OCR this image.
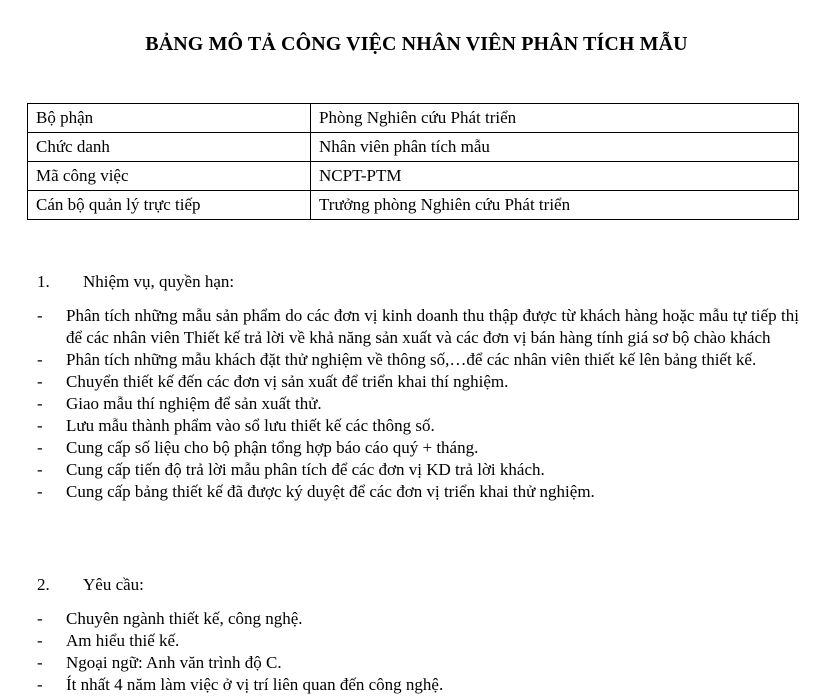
BẢNG MÔ TẢ CÔNG VIỆC NHÂN VIÊN PHÂN TÍCH MẪU
Bộ phận	Phòng Nghiên cứu Phát triển
Chức danh	Nhân viên phân tích mẫu
Mã công việc	NCPT-PTM
Cán bộ quản lý trực tiếp	Trưởng phòng Nghiên cứu Phát triển
1. Nhiệm vụ, quyền hạn:
- Phân tích những mẫu sản phẩm do các đơn vị kinh doanh thu thập được từ khách hàng hoặc mẫu tự tiếp thị để các nhân viên Thiết kế trả lời về khả năng sản xuất và các đơn vị bán hàng tính giá sơ bộ chào khách
- Phân tích những mẫu khách đặt thử nghiệm về thông số,…để các nhân viên thiết kế lên bảng thiết kế.
- Chuyển thiết kế đến các đơn vị sản xuất để triển khai thí nghiệm.
- Giao mẫu thí nghiệm để sản xuất thử.
- Lưu mẫu thành phẩm vào sổ lưu thiết kế các thông số.
- Cung cấp số liệu cho bộ phận tổng hợp báo cáo quý + tháng.
- Cung cấp tiến độ trả lời mẫu phân tích để các đơn vị KD trả lời khách.
- Cung cấp bảng thiết kế đã được ký duyệt để các đơn vị triển khai thử nghiệm.
2. Yêu cầu:
- Chuyên ngành thiết kế, công nghệ.
- Am hiểu thiế kế.
- Ngoại ngữ: Anh văn trình độ C.
- Ít nhất 4 năm làm việc ở vị trí liên quan đến công nghệ.
